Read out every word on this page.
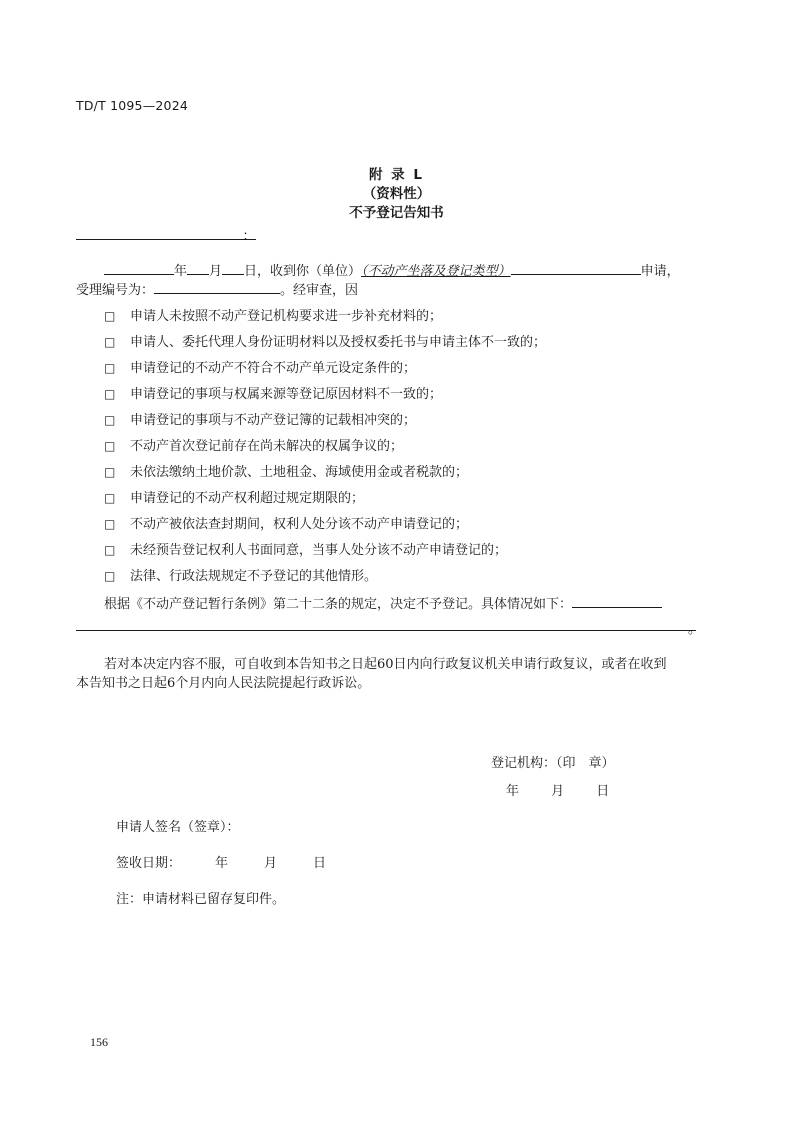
TD/T 1095—2024
附 录 L
（资料性）
不予登记告知书
：
年 月 日，收到你（单位）（不动产坐落及登记类型）	申请，
受理编号为：	。经审查，因
□ 申请人未按照不动产登记机构要求进一步补充材料的；
□ 申请人、委托代理人身份证明材料以及授权委托书与申请主体不一致的；
□ 申请登记的不动产不符合不动产单元设定条件的；
□ 申请登记的事项与权属来源等登记原因材料不一致的；
□ 申请登记的事项与不动产登记簿的记载相冲突的；
□ 不动产首次登记前存在尚未解决的权属争议的；
□ 未依法缴纳土地价款、土地租金、海域使用金或者税款的；
□ 申请登记的不动产权利超过规定期限的；
□ 不动产被依法查封期间，权利人处分该不动产申请登记的；
□ 未经预告登记权利人书面同意，当事人处分该不动产申请登记的；
□ 法律、行政法规规定不予登记的其他情形。
根据《不动产登记暂行条例》第二十二条的规定，决定不予登记。具体情况如下：
。
若对本决定内容不服，可自收到本告知书之日起60日内向行政复议机关申请行政复议，或者在收到
本告知书之日起6个月内向人民法院提起行政诉讼。
登记机构：（印　章）
年 月 日
申请人签名（签章）：
签收日期：	年	月	日
注：申请材料已留存复印件。
156
